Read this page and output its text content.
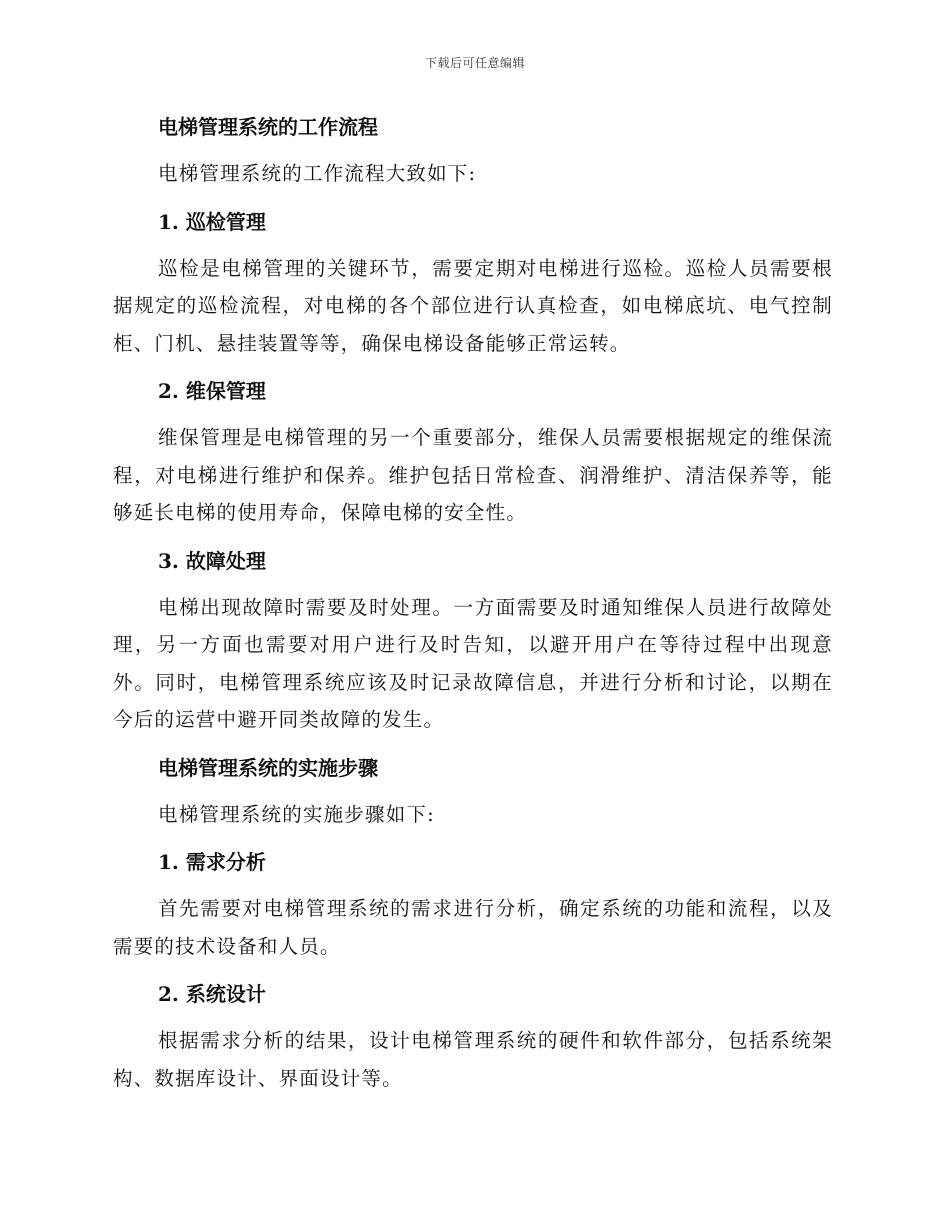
下载后可任意编辑
电梯管理系统的工作流程

电梯管理系统的工作流程大致如下:

1. 巡检管理

巡检是电梯管理的关键环节，需要定期对电梯进行巡检。巡检人员需要根据规定的巡检流程，对电梯的各个部位进行认真检查，如电梯底坑、电气控制柜、门机、悬挂装置等等，确保电梯设备能够正常运转。

2. 维保管理

维保管理是电梯管理的另一个重要部分，维保人员需要根据规定的维保流程，对电梯进行维护和保养。维护包括日常检查、润滑维护、清洁保养等，能够延长电梯的使用寿命，保障电梯的安全性。

3. 故障处理

电梯出现故障时需要及时处理。一方面需要及时通知维保人员进行故障处理，另一方面也需要对用户进行及时告知，以避开用户在等待过程中出现意外。同时，电梯管理系统应该及时记录故障信息，并进行分析和讨论，以期在今后的运营中避开同类故障的发生。

电梯管理系统的实施步骤

电梯管理系统的实施步骤如下:

1. 需求分析

首先需要对电梯管理系统的需求进行分析，确定系统的功能和流程，以及需要的技术设备和人员。

2. 系统设计

根据需求分析的结果，设计电梯管理系统的硬件和软件部分，包括系统架构、数据库设计、界面设计等。
